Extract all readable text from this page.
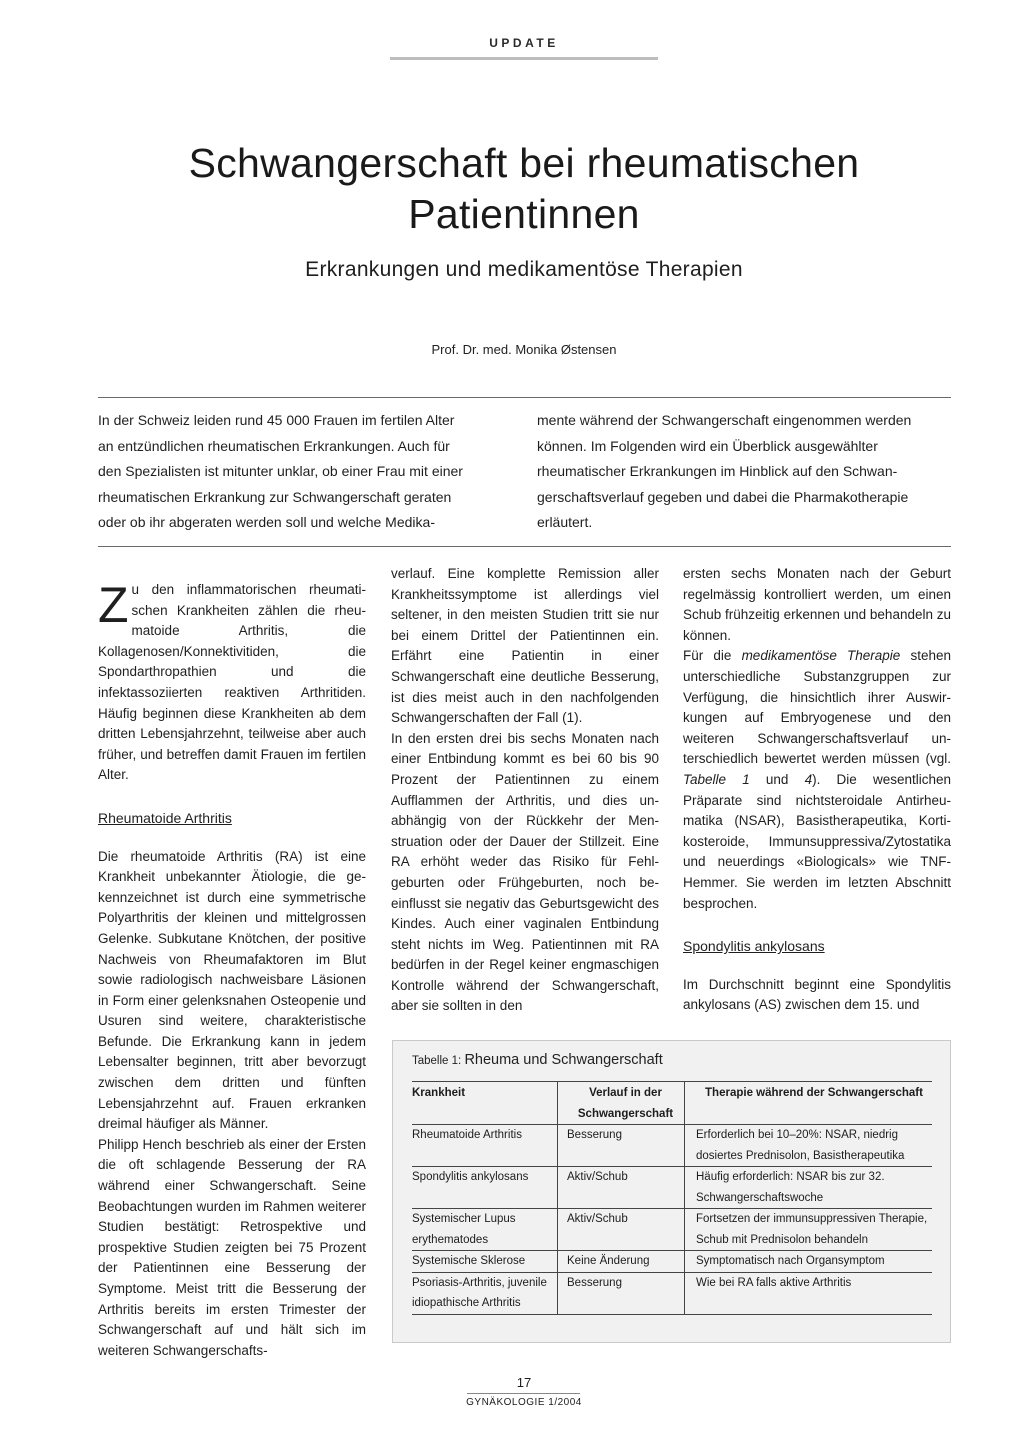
UPDATE
Schwangerschaft bei rheumatischen Patientinnen
Erkrankungen und medikamentöse Therapien
Prof. Dr. med. Monika Østensen
In der Schweiz leiden rund 45 000 Frauen im fertilen Alter
an entzündlichen rheumatischen Erkrankungen. Auch für
den Spezialisten ist mitunter unklar, ob einer Frau mit einer
rheumatischen Erkrankung zur Schwangerschaft geraten
oder ob ihr abgeraten werden soll und welche Medika-
mente während der Schwangerschaft eingenommen werden
können. Im Folgenden wird ein Überblick ausgewählter
rheumatischer Erkrankungen im Hinblick auf den Schwan-
gerschaftsverlauf gegeben und dabei die Pharmakotherapie
erläutert.

Zu den inflammatorischen rheumatischen Krankheiten zählen die rheumatoide Arthritis, die Kollagenosen/Konnektivitiden, die Spondarthropathien und die infektassoziierten reaktiven Arthritiden. Häufig beginnen diese Krankheiten ab dem dritten Lebensjahrzehnt, teilweise aber auch früher, und betreffen damit Frauen im fertilen Alter.

Rheumatoide Arthritis

Die rheumatoide Arthritis (RA) ist eine Krankheit unbekannter Ätiologie, die gekennzeichnet ist durch eine symmetrische Polyarthritis der kleinen und mittelgrossen Gelenke. Subkutane Knötchen, der positive Nachweis von Rheumafaktoren im Blut sowie radiologisch nachweisbare Läsionen in Form einer gelenksnahen Osteopenie und Usuren sind weitere, charakteristische Befunde. Die Erkrankung kann in jedem Lebensalter beginnen, tritt aber bevorzugt zwischen dem dritten und fünften Lebensjahrzehnt auf. Frauen erkranken dreimal häufiger als Männer.

Philipp Hench beschrieb als einer der Ersten die oft schlagende Besserung der RA während einer Schwangerschaft. Seine Beobachtungen wurden im Rahmen weiterer Studien bestätigt: Retrospektive und prospektive Studien zeigten bei 75 Prozent der Patientinnen eine Besserung der Symptome. Meist tritt die Besserung der Arthritis bereits im ersten Trimester der Schwangerschaft auf und hält sich im weiteren Schwangerschafts-

verlauf. Eine komplette Remission aller Krankheitssymptome ist allerdings viel seltener, in den meisten Studien tritt sie nur bei einem Drittel der Patientinnen ein. Erfährt eine Patientin in einer Schwangerschaft eine deutliche Besserung, ist dies meist auch in den nachfolgenden Schwangerschaften der Fall (1).

In den ersten drei bis sechs Monaten nach einer Entbindung kommt es bei 60 bis 90 Prozent der Patientinnen zu einem Aufflammen der Arthritis, und dies unabhängig von der Rückkehr der Menstruation oder der Dauer der Stillzeit. Eine RA erhöht weder das Risiko für Fehlgeburten oder Frühgeburten, noch beeinflusst sie negativ das Geburtsgewicht des Kindes. Auch einer vaginalen Entbindung steht nichts im Weg. Patientinnen mit RA bedürfen in der Regel keiner engmaschigen Kontrolle während der Schwangerschaft, aber sie sollten in den

ersten sechs Monaten nach der Geburt regelmässig kontrolliert werden, um einen Schub frühzeitig erkennen und behandeln zu können.

Für die medikamentöse Therapie stehen unterschiedliche Substanzgruppen zur Verfügung, die hinsichtlich ihrer Auswirkungen auf Embryogenese und den weiteren Schwangerschaftsverlauf unterschiedlich bewertet werden müssen (vgl. Tabelle 1 und 4). Die wesentlichen Präparate sind nichtsteroidale Antirheumatika (NSAR), Basistherapeutika, Kortikosteroide, Immunsuppressiva/Zytostatika und neuerdings «Biologicals» wie TNF-Hemmer. Sie werden im letzten Abschnitt besprochen.

Spondylitis ankylosans

Im Durchschnitt beginnt eine Spondylitis ankylosans (AS) zwischen dem 15. und

Tabelle 1: Rheuma und Schwangerschaft
Krankheit	Verlauf in der Schwangerschaft	Therapie während der Schwangerschaft
Rheumatoide Arthritis	Besserung	Erforderlich bei 10–20%: NSAR, niedrig dosiertes Prednisolon, Basistherapeutika
Spondylitis ankylosans	Aktiv/Schub	Häufig erforderlich: NSAR bis zur 32. Schwangerschaftswoche
Systemischer Lupus erythematodes	Aktiv/Schub	Fortsetzen der immunsuppressiven Therapie, Schub mit Prednisolon behandeln
Systemische Sklerose	Keine Änderung	Symptomatisch nach Organsymptom
Psoriasis-Arthritis, juvenile idiopathische Arthritis	Besserung	Wie bei RA falls aktive Arthritis
17
GYNÄKOLOGIE 1/2004
